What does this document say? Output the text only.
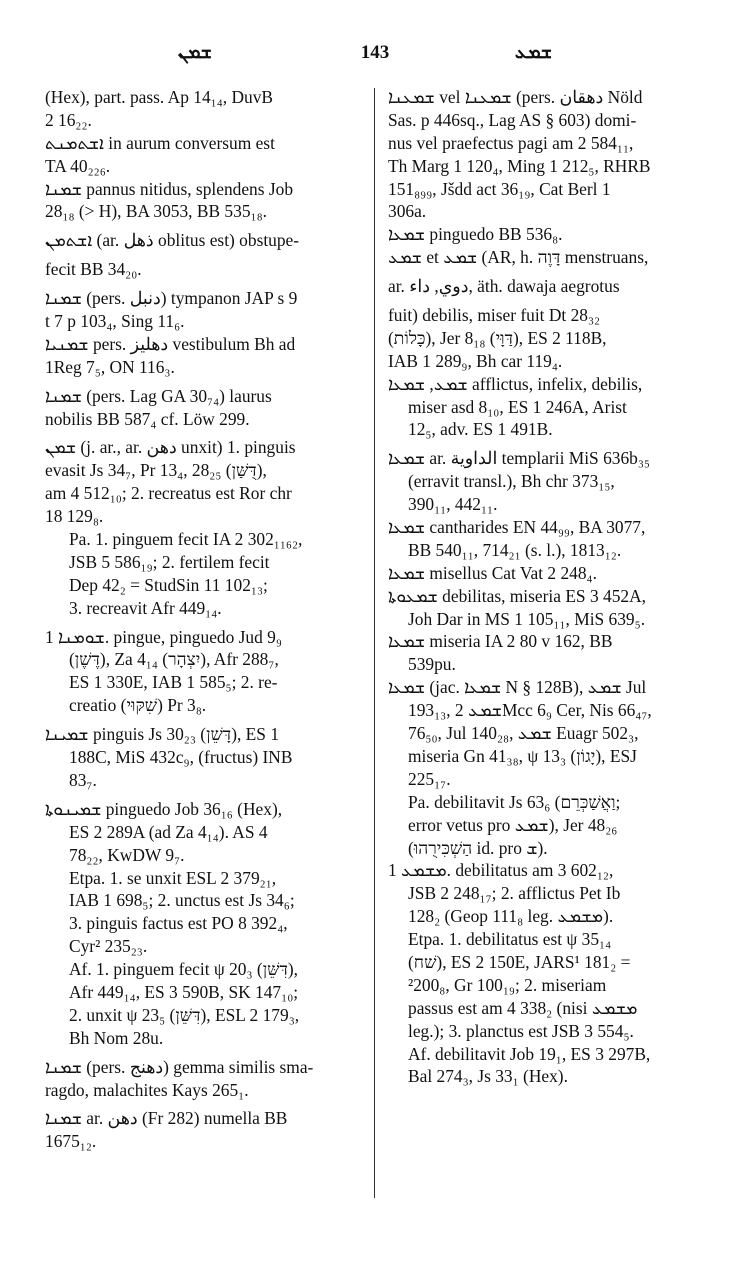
ܫܡܢ	143	ܫܡܥ
(Hex), part. pass. Ap 14₁₄, DuvB
2 16₂₂.
ܐܫܬܡܢܬ in aurum conversum est
TA 40₂₂₆.
ܫܡܢܐ pannus nitidus, splendens Job
28₁₈ (> H), BA 3053, BB 535₁₈.
ܐܫܬܡܢ (ar. ذهل oblitus est) obstupe-
fecit BB 34₂₀.
ܫܡܢܐ (pers. دنبل) tympanon JAP s 9
t 7 p 103₄, Sing 11₆.
ܫܡܢܝܐ pers. دهليز vestibulum Bh ad
1Reg 7₅, ON 116₃.
ܫܡܢܐ (pers. Lag GA 30₇₄) laurus
nobilis BB 587₄ cf. Löw 299.
ܫܡܢ (j. ar., ar. دهن unxit) 1. pinguis
evasit Js 34₇, Pr 13₄, 28₂₅ (דֻּשַּׁן),
am 4 512₁₀; 2. recreatus est Ror chr
18 129₈.
Pa. 1. pinguem fecit IA 2 302₁₁₆₂,
JSB 5 586₁₉; 2. fertilem fecit
Dep 42₂ = StudSin 11 102₁₃;
3. recreavit Afr 449₁₄.
ܫܘܡܢܐ 1. pingue, pinguedo Jud 9₉
(דֶּשֶׁן), Za 4₁₄ (יִצְהָר), Afr 288₇,
ES 1 330E, IAB 1 585₅; 2. re-
creatio (שִׁקּוּי) Pr 3₈.
ܫܡܝܢܐ pinguis Js 30₂₃ (דָּשֵׁן), ES 1
188C, MiS 432c₉, (fructus) INB
83₇.
ܫܡܝܢܘܬܐ pinguedo Job 36₁₆ (Hex),
ES 2 289A (ad Za 4₁₄). AS 4
78₂₂, KwDW 9₇.
Etpa. 1. se unxit ESL 2 379₂₁,
IAB 1 698₅; 2. unctus est Js 34₆;
3. pinguis factus est PO 8 392₄,
Cyr² 235₂₃.
Af. 1. pinguem fecit ψ 20₃ (דִּשֵּׁן),
Afr 449₁₄, ES 3 590B, SK 147₁₀;
2. unxit ψ 23₅ (דִּשֵּׁן), ESL 2 179₃,
Bh Nom 28u.
ܫܡܢܐ (pers. دهنج) gemma similis sma-
ragdo, malachites Kays 265₁.
ܫܡܢܐ ar. دهن (Fr 282) numella BB
1675₁₂.
ܫܡܥܢܐ vel ܫܡܥܢܐ (pers. دهقان Nöld
Sas. p 446sq., Lag AS § 603) domi-
nus vel praefectus pagi am 2 584₁₁,
Th Marg 1 120₄, Ming 1 212₅, RHRB
151₈₉₉, Jšdd act 36₁₉, Cat Berl 1
306a.
ܫܡܥܐ pinguedo BB 536₈.
ܫܡܥ et ܫܡܥ (AR, h. דָּוֶה menstruans,
ar. دوي, داء, äth. dawaja aegrotus
fuit) debilis, miser fuit Dt 28₃₂
(כָּלוֹת), Jer 8₁₈ (דַּוָּי), ES 2 118B,
IAB 1 289₉, Bh car 119₄.
ܫܡܥ, ܫܡܥܐ afflictus, infelix, debilis,
miser asd 8₁₀, ES 1 246A, Arist
12₅, adv. ES 1 491B.
ܫܡܥܐ ar. الداوية templarii MiS 636b₃₅
(erravit transl.), Bh chr 373₁₅,
390₁₁, 442₁₁.
ܫܡܥܐ cantharides EN 44₉₉, BA 3077,
BB 540₁₁, 714₂₁ (s. l.), 1813₁₂.
ܫܡܥܐ misellus Cat Vat 2 248₄.
ܫܡܥܘܬܐ debilitas, miseria ES 3 452A,
Joh Dar in MS 1 105₁₁, MiS 639₅.
ܫܡܥܐ miseria IA 2 80 v 162, BB
539pu.
ܫܡܥܐ (jac. ܫܡܥܐ N § 128B), ܫܡܥ Jul
193₁₃, ܫܡܥ 2Mcc 6₉ Cer, Nis 66₄₇,
76₅₀, Jul 140₂₈, ܫܡܥ Euagr 502₃,
miseria Gn 41₃₈, ψ 13₃ (יָגוֹן), ESJ
225₁₇.
Pa. debilitavit Js 63₆ (וַאֲשַׁכְּרֵם;
error vetus pro ܫܡܥ), Jer 48₂₆
(הַשְׁכִּירֻהוּ id. pro ܫ).
ܡܫܡܥ 1. debilitatus am 3 602₁₂,
JSB 2 248₁₇; 2. afflictus Pet Ib
128₂ (Geop 111₈ leg. ܡܫܡܥ).
Etpa. 1. debilitatus est ψ 35₁₄
(שׁח), ES 2 150E, JARS¹ 181₂ =
²200₈, Gr 100₁₉; 2. miseriam
passus est am 4 338₂ (nisi ܡܫܡܥ
leg.); 3. planctus est JSB 3 554₅.
Af. debilitavit Job 19₁, ES 3 297B,
Bal 274₃, Js 33₁ (Hex).
